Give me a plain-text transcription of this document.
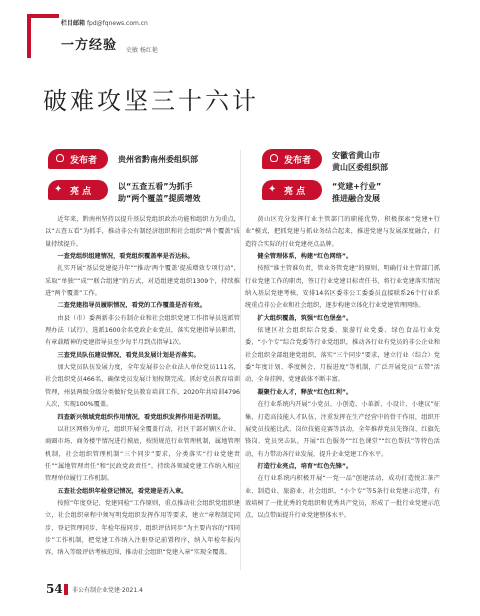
栏目邮箱 fpd@fqnews.com.cn
一方经验 史敏 杨红艳
破难攻坚三十六计
发布者	贵州省黔南州委组织部
✦ 亮 点	以“五查五看”为抓手
助“两个覆盖”提质增效
发布者	安徽省黄山市
黄山区委组织部
✦ 亮 点	“党建+行业”
推进融合发展

近年来，黔南州坚持以提升基层党组织政治功能和组织力为重点，以“五查五看”为抓手，推动非公有制经济组织和社会组织“两个覆盖”质量持续提升。

一查党组织组建情况，看党组织覆盖率是否达标。

扎实开展“基层党建提升年”“推动‘两个覆盖’提质增效专项行动”，采取“单独”“成”“联合组建”的方式，对适组建党组织1309个，持续推进“两个覆盖”工作。

二查党建指导员履职情况，看党的工作覆盖是否有效。

由县（市）委两新非公有制企业和社会组织党建工作指导员选派管理办法（试行），选派1600余名党政企业党员，落实党建指导员职责，有章载精神的党建指导员至少每半月到点指导1次。

三查党员队伍建设情况，看党员发展计划是否落实。

加大党员队伍发展力度，全年发展非公企业法人单位党员111名，社会组织党员466名，确保党员发展计划按期完成。抓好党员教育培训管理，州县两级分级分类做好党员教育培训工作，2020年共培训4796人次，实现100%覆盖。

四查新兴领域党组织作用情况，看党组织发挥作用是否明显。

以社区网格为单元，组织开展全覆盖行动，社区干部对辖区企业、商圈市场、商务楼宇情况进行摸底，按照规范行业管理机制，属地管理机制，社会组织管理机制“三个同步”要求，分类落实“行业党建责任”“属地管理责任”和“民政党政责任”，持续各领域党建工作纳入相应管理单位履行工作机制。

五查社会组织年检登记情况，看党建是否入章。

按照“年度登记、党建同检”工作原则，重点推动社会组织党组织建立，社会组织章程中须写明党组织发挥作用等要求，建立“章程制定同步、登记管理同步、年检年报同步、组织评估同步”为主要内容的“四同步”工作机制，把党建工作纳入注册登记前置程序，纳入年检年报内容，纳入等级评估考核范围，推动社会组织“党建入章”实现全覆盖。

黄山区充分发挥行业主管部门的职能优势，积极探索“党建+行业”模式，把抓党建与抓业务结合起来，推进党建与发展深度融合，打造符合实际的行业党建亮点品牌。

健全管理体系，构建“红色网络”。

按照“谁主管谁负责，管业务管党建”的原则，明确行业主管部门抓行业党建工作的职责，签订行业党建目标责任书，将行业党建落实情况纳入基层党建考核，安排14名区委非公工委委员直接联系26个行业系统重点非公企业和社会组织，逐步构建立体化行业党建管理网络。

扩大组织覆盖，筑强“红色堡垒”。

依建区社会组织综合党委、旅游行业党委、绿色食品行业党委，“小个专”综合党委等行业党组织，推动各行业有党员的非公企业和社会组织全部组建党组织，落实“三个同步”要求，建立行业（综合）党委“年度计划、季度例会、月报进度”等机制，广泛开展党员“五带”活动，全身挂牌，党建载体不断丰富。

凝聚行业人才，释放“红色红利”。

在行业系统内开展“小党员、小创造、小革新、小设计、小建议”征集，打造高技能人才队伍，注重发挥在生产经营中的骨干作用，组织开展党员技能比武、岗位技能竞赛等活动，全年推荐党员先锋岗、红旗先锋岗、党员突击队，开展“红色服务”“红色课堂”“红色帮扶”等特色活动，有力带动各行业发展，提升企业党建工作水平。

打造行业亮点，培育“红色先锋”。

在行业系统内积极开展“一党一品”创建活动，成功打造悦汇茶产业、制造业、旅游业、社会组织、“小个专”等5条行业党建示范带，有效培树了一批优秀的党组织和优秀共产党员，形成了一批行业党建示范点，以点带面提升行业党建整体水平。

54 非公有制企业党建·2021.4
